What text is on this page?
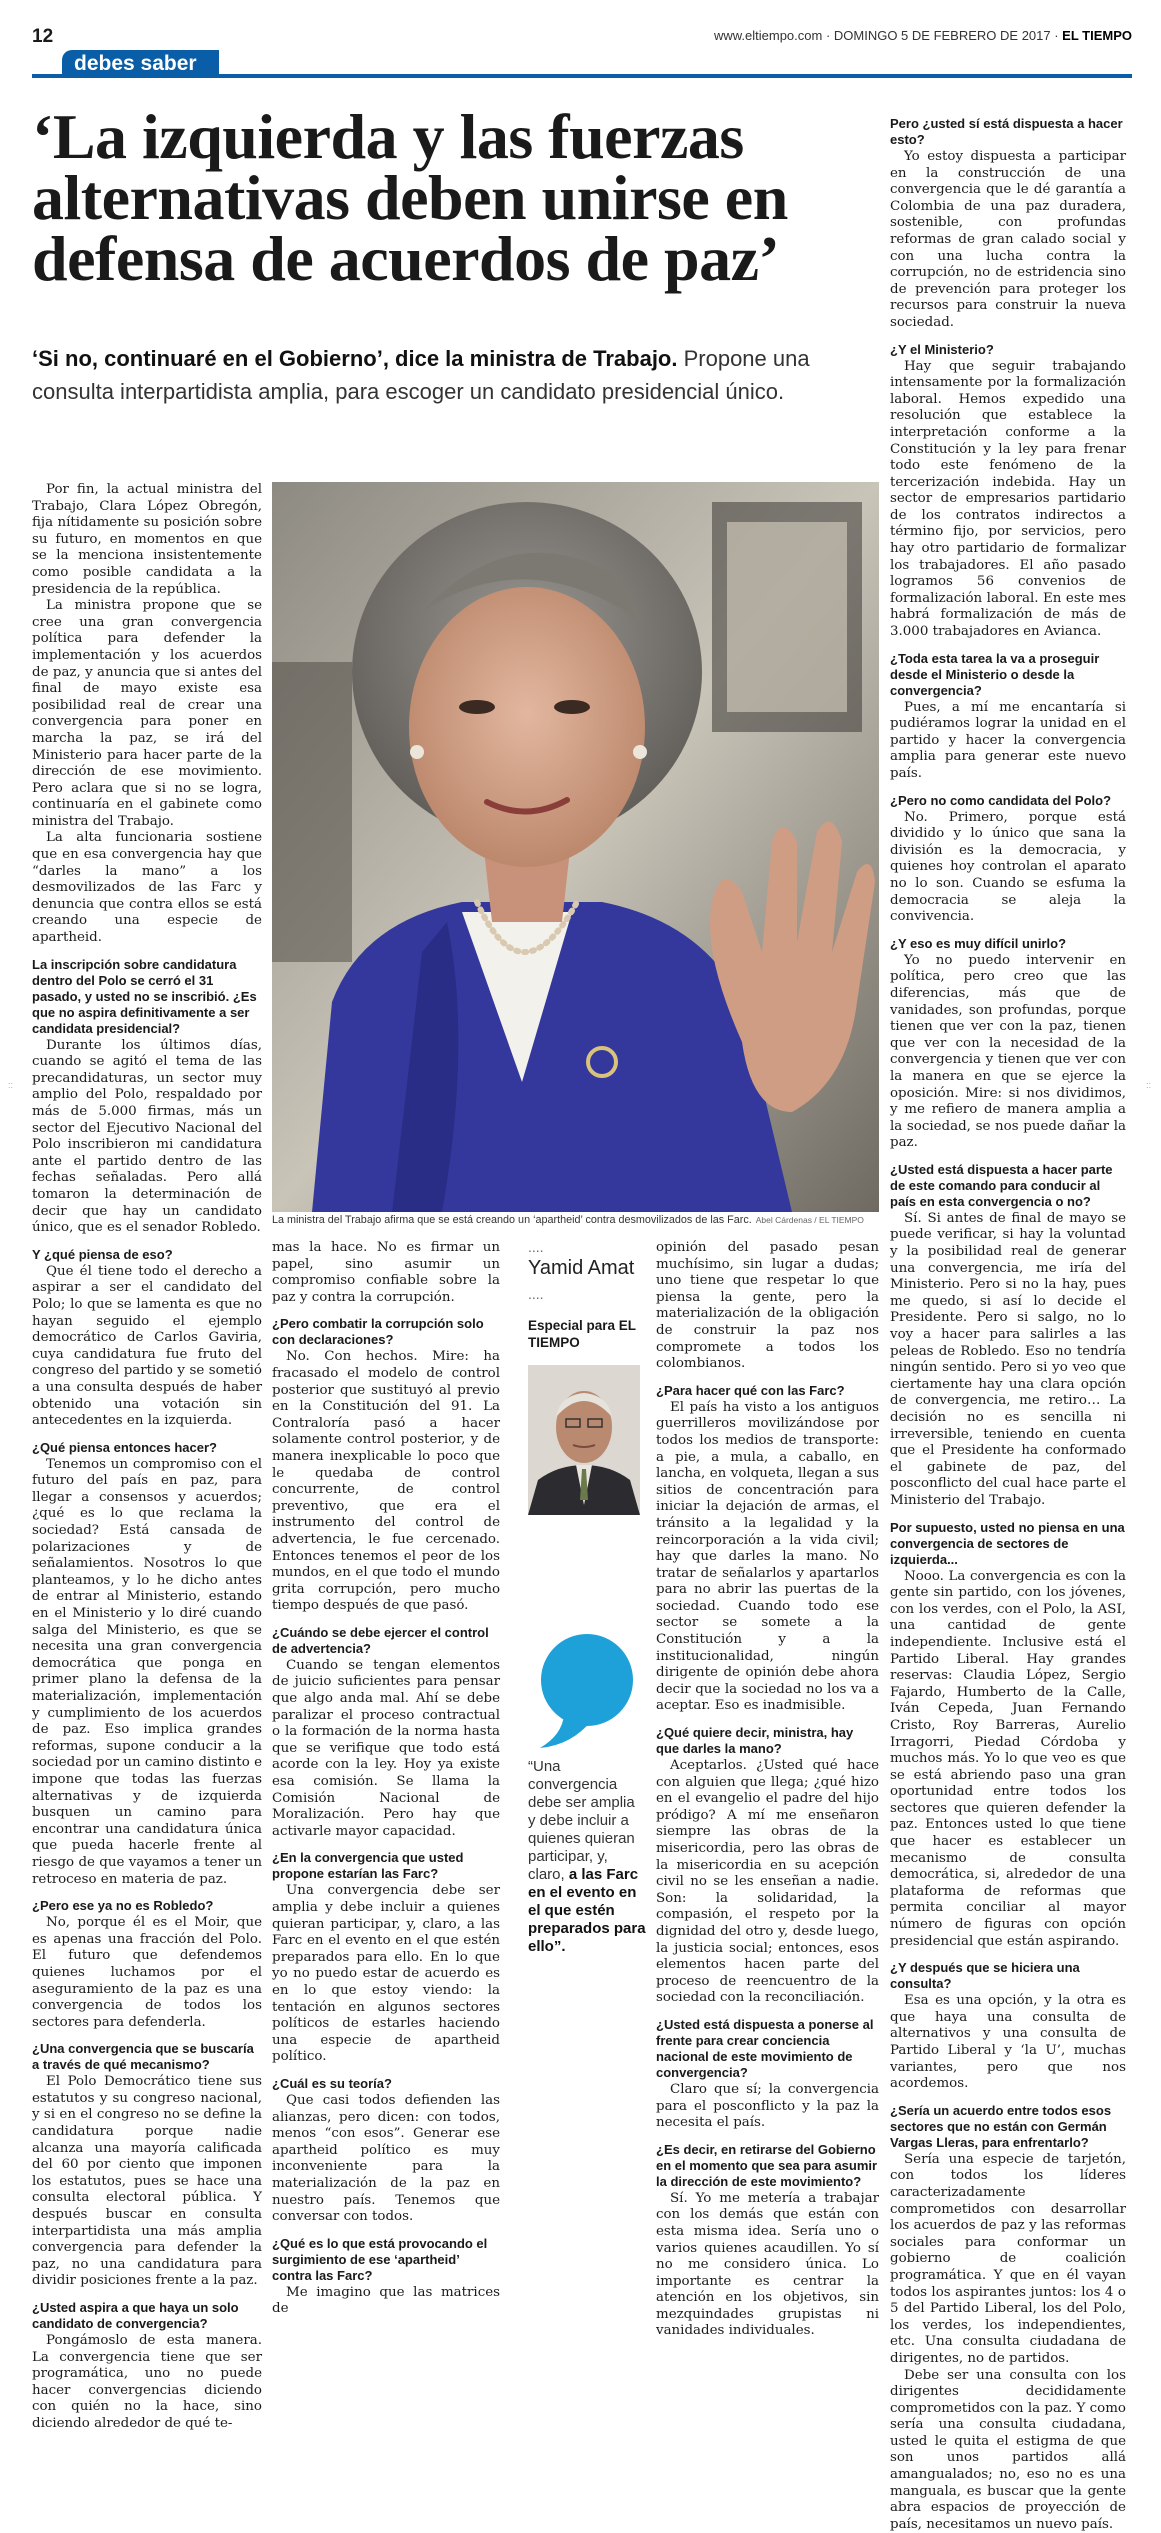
12	www.eltiempo.com · DOMINGO 5 DE FEBRERO DE 2017 · EL TIEMPO
debes saber
‘La izquierda y las fuerzas alternativas deben unirse en defensa de acuerdos de paz’
‘Si no, continuaré en el Gobierno’, dice la ministra de Trabajo. Propone una consulta interpartidista amplia, para escoger un candidato presidencial único.

Por fin, la actual ministra del Trabajo, Clara López Obregón, fija nítidamente su posición sobre su futuro, en momentos en que se la menciona insistentemente como posible candidata a la presidencia de la república.

La ministra propone que se cree una gran convergencia política para defender la implementación y los acuerdos de paz, y anuncia que si antes del final de mayo existe esa posibilidad real de crear una convergencia para poner en marcha la paz, se irá del Ministerio para hacer parte de la dirección de ese movimiento. Pero aclara que si no se logra, continuaría en el gabinete como ministra del Trabajo.

La alta funcionaria sostiene que en esa convergencia hay que “darles la mano” a los desmovilizados de las Farc y denuncia que contra ellos se está creando una especie de apartheid.

La inscripción sobre candidatura dentro del Polo se cerró el 31 pasado, y usted no se inscribió. ¿Es que no aspira definitivamente a ser candidata presidencial?

Durante los últimos días, cuando se agitó el tema de las precandidaturas, un sector muy amplio del Polo, respaldado por más de 5.000 firmas, más un sector del Ejecutivo Nacional del Polo inscribieron mi candidatura ante el partido dentro de las fechas señaladas. Pero allá tomaron la determinación de decir que hay un candidato único, que es el senador Robledo.

Y ¿qué piensa de eso?

Que él tiene todo el derecho a aspirar a ser el candidato del Polo; lo que se lamenta es que no hayan seguido el ejemplo democrático de Carlos Gaviria, cuya candidatura fue fruto del congreso del partido y se sometió a una consulta después de haber obtenido una votación sin antecedentes en la izquierda.

¿Qué piensa entonces hacer?

Tenemos un compromiso con el futuro del país en paz, para llegar a consensos y acuerdos; ¿qué es lo que reclama la sociedad? Está cansada de polarizaciones y de señalamientos. Nosotros lo que planteamos, y lo he dicho antes de entrar al Ministerio, estando en el Ministerio y lo diré cuando salga del Ministerio, es que se necesita una gran convergencia democrática que ponga en primer plano la defensa de la materialización, implementación y cumplimiento de los acuerdos de paz. Eso implica grandes reformas, supone conducir a la sociedad por un camino distinto e impone que todas las fuerzas alternativas y de izquierda busquen un camino para encontrar una candidatura única que pueda hacerle frente al riesgo de que vayamos a tener un retroceso en materia de paz.

¿Pero ese ya no es Robledo?

No, porque él es el Moir, que es apenas una fracción del Polo. El futuro que defendemos quienes luchamos por el aseguramiento de la paz es una convergencia de todos los sectores para defenderla.

¿Una convergencia que se buscaría a través de qué mecanismo?

El Polo Democrático tiene sus estatutos y su congreso nacional, y si en el congreso no se define la candidatura porque nadie alcanza una mayoría calificada del 60 por ciento que imponen los estatutos, pues se hace una consulta electoral pública. Y después buscar en consulta interpartidista una más amplia convergencia para defender la paz, no una candidatura para dividir posiciones frente a la paz.

¿Usted aspira a que haya un solo candidato de convergencia?

Pongámoslo de esta manera. La convergencia tiene que ser programática, uno no puede hacer convergencias diciendo con quién no la hace, sino diciendo alrededor de qué te-

mas la hace. No es firmar un papel, sino asumir un compromiso confiable sobre la paz y contra la corrupción.

¿Pero combatir la corrupción solo con declaraciones?

No. Con hechos. Mire: ha fracasado el modelo de control posterior que sustituyó al previo en la Constitución del 91. La Contraloría pasó a hacer solamente control posterior, y de manera inexplicable lo poco que le quedaba de control concurrente, de control preventivo, que era el instrumento del control de advertencia, le fue cercenado. Entonces tenemos el peor de los mundos, en el que todo el mundo grita corrupción, pero mucho tiempo después de que pasó.

¿Cuándo se debe ejercer el control de advertencia?

Cuando se tengan elementos de juicio suficientes para pensar que algo anda mal. Ahí se debe paralizar el proceso contractual o la formación de la norma hasta que se verifique que todo está acorde con la ley. Hoy ya existe esa comisión. Se llama la Comisión Nacional de Moralización. Pero hay que activarle mayor capacidad.

¿En la convergencia que usted propone estarían las Farc?

Una convergencia debe ser amplia y debe incluir a quienes quieran participar, y, claro, a las Farc en el evento en el que estén preparados para ello. En lo que yo no puedo estar de acuerdo es en lo que estoy viendo: la tentación en algunos sectores políticos de estarles haciendo una especie de apartheid político.

¿Cuál es su teoría?

Que casi todos defienden las alianzas, pero dicen: con todos, menos “con esos”. Generar ese apartheid político es muy inconveniente para la materialización de la paz en nuestro país. Tenemos que conversar con todos.

¿Qué es lo que está provocando el surgimiento de ese ‘apartheid’ contra las Farc?

Me imagino que las matrices de

opinión del pasado pesan muchísimo, sin lugar a dudas; uno tiene que respetar lo que piensa la gente, pero la materialización de la obligación de construir la paz nos compromete a todos los colombianos.

¿Para hacer qué con las Farc?

El país ha visto a los antiguos guerrilleros movilizándose por todos los medios de transporte: a pie, a mula, a caballo, en lancha, en volqueta, llegan a sus sitios de concentración para iniciar la dejación de armas, el tránsito a la legalidad y la reincorporación a la vida civil; hay que darles la mano. No tratar de señalarlos y apartarlos para no abrir las puertas de la sociedad. Cuando todo ese sector se somete a la Constitución y a la institucionalidad, ningún dirigente de opinión debe ahora decir que la sociedad no los va a aceptar. Eso es inadmisible.

¿Qué quiere decir, ministra, hay que darles la mano?

Aceptarlos. ¿Usted qué hace con alguien que llega; ¿qué hizo en el evangelio el padre del hijo pródigo? A mí me enseñaron siempre las obras de la misericordia, pero las obras de la misericordia en su acepción civil no se les enseñan a nadie. Son: la solidaridad, la compasión, el respeto por la dignidad del otro y, desde luego, la justicia social; entonces, esos elementos hacen parte del proceso de reencuentro de la sociedad con la reconciliación.

¿Usted está dispuesta a ponerse al frente para crear conciencia nacional de este movimiento de convergencia?

Claro que sí; la convergencia para el posconflicto y la paz la necesita el país.

¿Es decir, en retirarse del Gobierno en el momento que sea para asumir la dirección de este movimiento?

Sí. Yo me metería a trabajar con los demás que están con esta misma idea. Sería uno o varios quienes acaudillen. Yo sí no me considero única. Lo importante es centrar la atención en los objetivos, sin mezquindades grupistas ni vanidades individuales.

Pero ¿usted sí está dispuesta a hacer esto?

Yo estoy dispuesta a participar en la construcción de una convergencia que le dé garantía a Colombia de una paz duradera, sostenible, con profundas reformas de gran calado social y con una lucha contra la corrupción, no de estridencia sino de prevención para proteger los recursos para construir la nueva sociedad.

¿Y el Ministerio?

Hay que seguir trabajando intensamente por la formalización laboral. Hemos expedido una resolución que establece la interpretación conforme a la Constitución y la ley para frenar todo este fenómeno de la tercerización indebida. Hay un sector de empresarios partidario de los contratos indirectos a término fijo, por servicios, pero hay otro partidario de formalizar los trabajadores. El año pasado logramos 56 convenios de formalización laboral. En este mes habrá formalización de más de 3.000 trabajadores en Avianca.

¿Toda esta tarea la va a proseguir desde el Ministerio o desde la convergencia?

Pues, a mí me encantaría si pudiéramos lograr la unidad en el partido y hacer la convergencia amplia para generar este nuevo país.

¿Pero no como candidata del Polo?

No. Primero, porque está dividido y lo único que sana la división es la democracia, y quienes hoy controlan el aparato no lo son. Cuando se esfuma la democracia se aleja la convivencia.

¿Y eso es muy difícil unirlo?

Yo no puedo intervenir en política, pero creo que las diferencias, más que de vanidades, son profundas, porque tienen que ver con la paz, tienen que ver con la necesidad de la convergencia y tienen que ver con la manera en que se ejerce la oposición. Mire: si nos dividimos, y me refiero de manera amplia a la sociedad, se nos puede dañar la paz.

¿Usted está dispuesta a hacer parte de este comando para conducir al país en esta convergencia o no?

Sí. Si antes de final de mayo se puede verificar, si hay la voluntad y la posibilidad real de generar una convergencia, me iría del Ministerio. Pero si no la hay, pues me quedo, si así lo decide el Presidente. Pero si salgo, no lo voy a hacer para salirles a las peleas de Robledo. Eso no tendría ningún sentido. Pero si yo veo que ciertamente hay una clara opción de convergencia, me retiro… La decisión no es sencilla ni irreversible, teniendo en cuenta que el Presidente ha conformado el gabinete de paz, del posconflicto del cual hace parte el Ministerio del Trabajo.

Por supuesto, usted no piensa en una convergencia de sectores de izquierda...

Nooo. La convergencia es con la gente sin partido, con los jóvenes, con los verdes, con el Polo, la ASI, una cantidad de gente independiente. Inclusive está el Partido Liberal. Hay grandes reservas: Claudia López, Sergio Fajardo, Humberto de la Calle, Iván Cepeda, Juan Fernando Cristo, Roy Barreras, Aurelio Irragorri, Piedad Córdoba y muchos más. Yo lo que veo es que se está abriendo paso una gran oportunidad entre todos los sectores que quieren defender la paz. Entonces usted lo que tiene que hacer es establecer un mecanismo de consulta democrática, si, alrededor de una plataforma de reformas que permita conciliar al mayor número de figuras con opción presidencial que están aspirando.

¿Y después que se hiciera una consulta?

Esa es una opción, y la otra es que haya una consulta de alternativos y una consulta de Partido Liberal y ‘la U’, muchas variantes, pero que nos acordemos.

¿Sería un acuerdo entre todos esos sectores que no están con Germán Vargas Lleras, para enfrentarlo?

Sería una especie de tarjetón, con todos los líderes caracterizadamente comprometidos con desarrollar los acuerdos de paz y las reformas sociales para conformar un gobierno de coalición programática. Y que en él vayan todos los aspirantes juntos: los 4 o 5 del Partido Liberal, los del Polo, los verdes, los independientes, etc. Una consulta ciudadana de dirigentes, no de partidos.

Debe ser una consulta con los dirigentes decididamente comprometidos con la paz. Y como sería una consulta ciudadana, usted le quita el estigma de que son unos partidos allá amangualados; no, eso no es una manguala, es buscar que la gente abra espacios de proyección de país, necesitamos un nuevo país.

La ministra del Trabajo afirma que se está creando un ‘apartheid’ contra desmovilizados de las Farc. Abel Cárdenas / EL TIEMPO
....
Yamid Amat
....
Especial para EL TIEMPO
“Una convergencia debe ser amplia y debe incluir a quienes quieran participar, y, claro, a las Farc en el evento en el que estén preparados para ello”.
::	::
